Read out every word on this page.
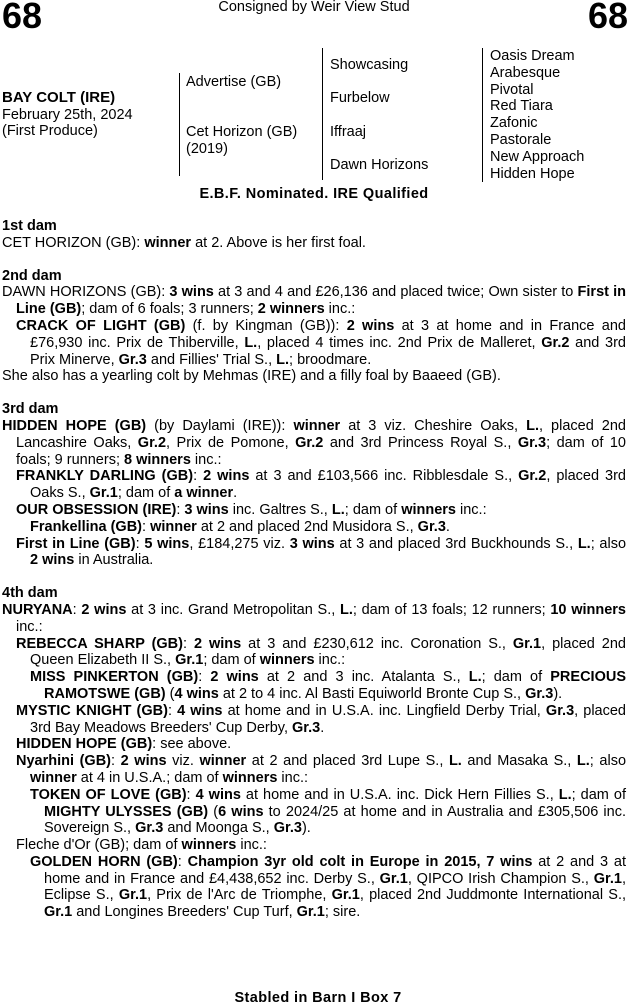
68	Consigned by Weir View Stud	68
BAY COLT (IRE)
February 25th, 2024
(First Produce)
Advertise (GB)
Cet Horizon (GB)
(2019)
Showcasing
Furbelow
Iffraaj
Dawn Horizons
Oasis Dream
Arabesque
Pivotal
Red Tiara
Zafonic
Pastorale
New Approach
Hidden Hope
E.B.F. Nominated. IRE Qualified
1st dam

CET HORIZON (GB): winner at 2. Above is her first foal.

2nd dam

DAWN HORIZONS (GB): 3 wins at 3 and 4 and £26,136 and placed twice; Own sister to First in Line (GB); dam of 6 foals; 3 runners; 2 winners inc.:

CRACK OF LIGHT (GB) (f. by Kingman (GB)): 2 wins at 3 at home and in France and £76,930 inc. Prix de Thiberville, L., placed 4 times inc. 2nd Prix de Malleret, Gr.2 and 3rd Prix Minerve, Gr.3 and Fillies' Trial S., L.; broodmare.

She also has a yearling colt by Mehmas (IRE) and a filly foal by Baaeed (GB).

3rd dam

HIDDEN HOPE (GB) (by Daylami (IRE)): winner at 3 viz. Cheshire Oaks, L., placed 2nd Lancashire Oaks, Gr.2, Prix de Pomone, Gr.2 and 3rd Princess Royal S., Gr.3; dam of 10 foals; 9 runners; 8 winners inc.:

FRANKLY DARLING (GB): 2 wins at 3 and £103,566 inc. Ribblesdale S., Gr.2, placed 3rd Oaks S., Gr.1; dam of a winner.

OUR OBSESSION (IRE): 3 wins inc. Galtres S., L.; dam of winners inc.:

Frankellina (GB): winner at 2 and placed 2nd Musidora S., Gr.3.

First in Line (GB): 5 wins, £184,275 viz. 3 wins at 3 and placed 3rd Buckhounds S., L.; also 2 wins in Australia.

4th dam

NURYANA: 2 wins at 3 inc. Grand Metropolitan S., L.; dam of 13 foals; 12 runners; 10 winners inc.:

REBECCA SHARP (GB): 2 wins at 3 and £230,612 inc. Coronation S., Gr.1, placed 2nd Queen Elizabeth II S., Gr.1; dam of winners inc.:

MISS PINKERTON (GB): 2 wins at 2 and 3 inc. Atalanta S., L.; dam of PRECIOUS RAMOTSWE (GB) (4 wins at 2 to 4 inc. Al Basti Equiworld Bronte Cup S., Gr.3).

MYSTIC KNIGHT (GB): 4 wins at home and in U.S.A. inc. Lingfield Derby Trial, Gr.3, placed 3rd Bay Meadows Breeders' Cup Derby, Gr.3.

HIDDEN HOPE (GB): see above.

Nyarhini (GB): 2 wins viz. winner at 2 and placed 3rd Lupe S., L. and Masaka S., L.; also winner at 4 in U.S.A.; dam of winners inc.:

TOKEN OF LOVE (GB): 4 wins at home and in U.S.A. inc. Dick Hern Fillies S., L.; dam of MIGHTY ULYSSES (GB) (6 wins to 2024/25 at home and in Australia and £305,506 inc. Sovereign S., Gr.3 and Moonga S., Gr.3).

Fleche d'Or (GB); dam of winners inc.:

GOLDEN HORN (GB): Champion 3yr old colt in Europe in 2015, 7 wins at 2 and 3 at home and in France and £4,438,652 inc. Derby S., Gr.1, QIPCO Irish Champion S., Gr.1, Eclipse S., Gr.1, Prix de l'Arc de Triomphe, Gr.1, placed 2nd Juddmonte International S., Gr.1 and Longines Breeders' Cup Turf, Gr.1; sire.

Stabled in Barn I Box 7
